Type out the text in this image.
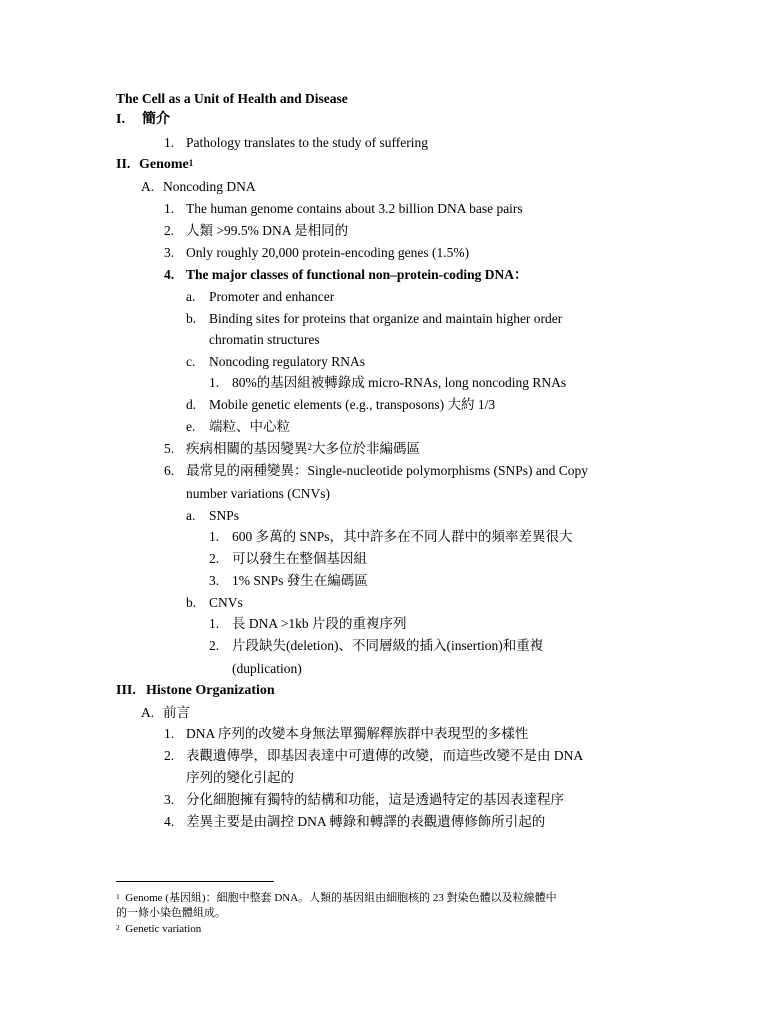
The Cell as a Unit of Health and Disease
I. 簡介
1. Pathology translates to the study of suffering
II. Genome$^1$
A. Noncoding DNA
1. The human genome contains about 3.2 billion DNA base pairs
2. 人類 >99.5% DNA 是相同的
3. Only roughly 20,000 protein-encoding genes (1.5%)
4. The major classes of functional non–protein-coding DNA：
a. Promoter and enhancer
b. Binding sites for proteins that organize and maintain higher order
chromatin structures
c. Noncoding regulatory RNAs
1. 80%的基因組被轉錄成 micro-RNAs, long noncoding RNAs
d. Mobile genetic elements (e.g., transposons) 大約 1/3
e. 端粒、中心粒
5. 疾病相關的基因變異$^2$大多位於非編碼區
6. 最常見的兩種變異：Single-nucleotide polymorphisms (SNPs) and Copy
number variations (CNVs)
a. SNPs
1. 600 多萬的 SNPs，其中許多在不同人群中的頻率差異很大
2. 可以發生在整個基因組
3. 1% SNPs 發生在編碼區
b. CNVs
1. 長 DNA >1kb 片段的重複序列
2. 片段缺失(deletion)、不同層級的插入(insertion)和重複
(duplication)
III. Histone Organization
A. 前言
1. DNA 序列的改變本身無法單獨解釋族群中表現型的多樣性
2. 表觀遺傳學，即基因表達中可遺傳的改變，而這些改變不是由 DNA
序列的變化引起的
3. 分化細胞擁有獨特的結構和功能，這是透過特定的基因表達程序
4. 差異主要是由調控 DNA 轉錄和轉譯的表觀遺傳修飾所引起的
$^1$ Genome (基因組)：細胞中整套 DNA。人類的基因組由細胞核的 23 對染色體以及粒線體中
的一條小染色體組成。
$^2$ Genetic variation
